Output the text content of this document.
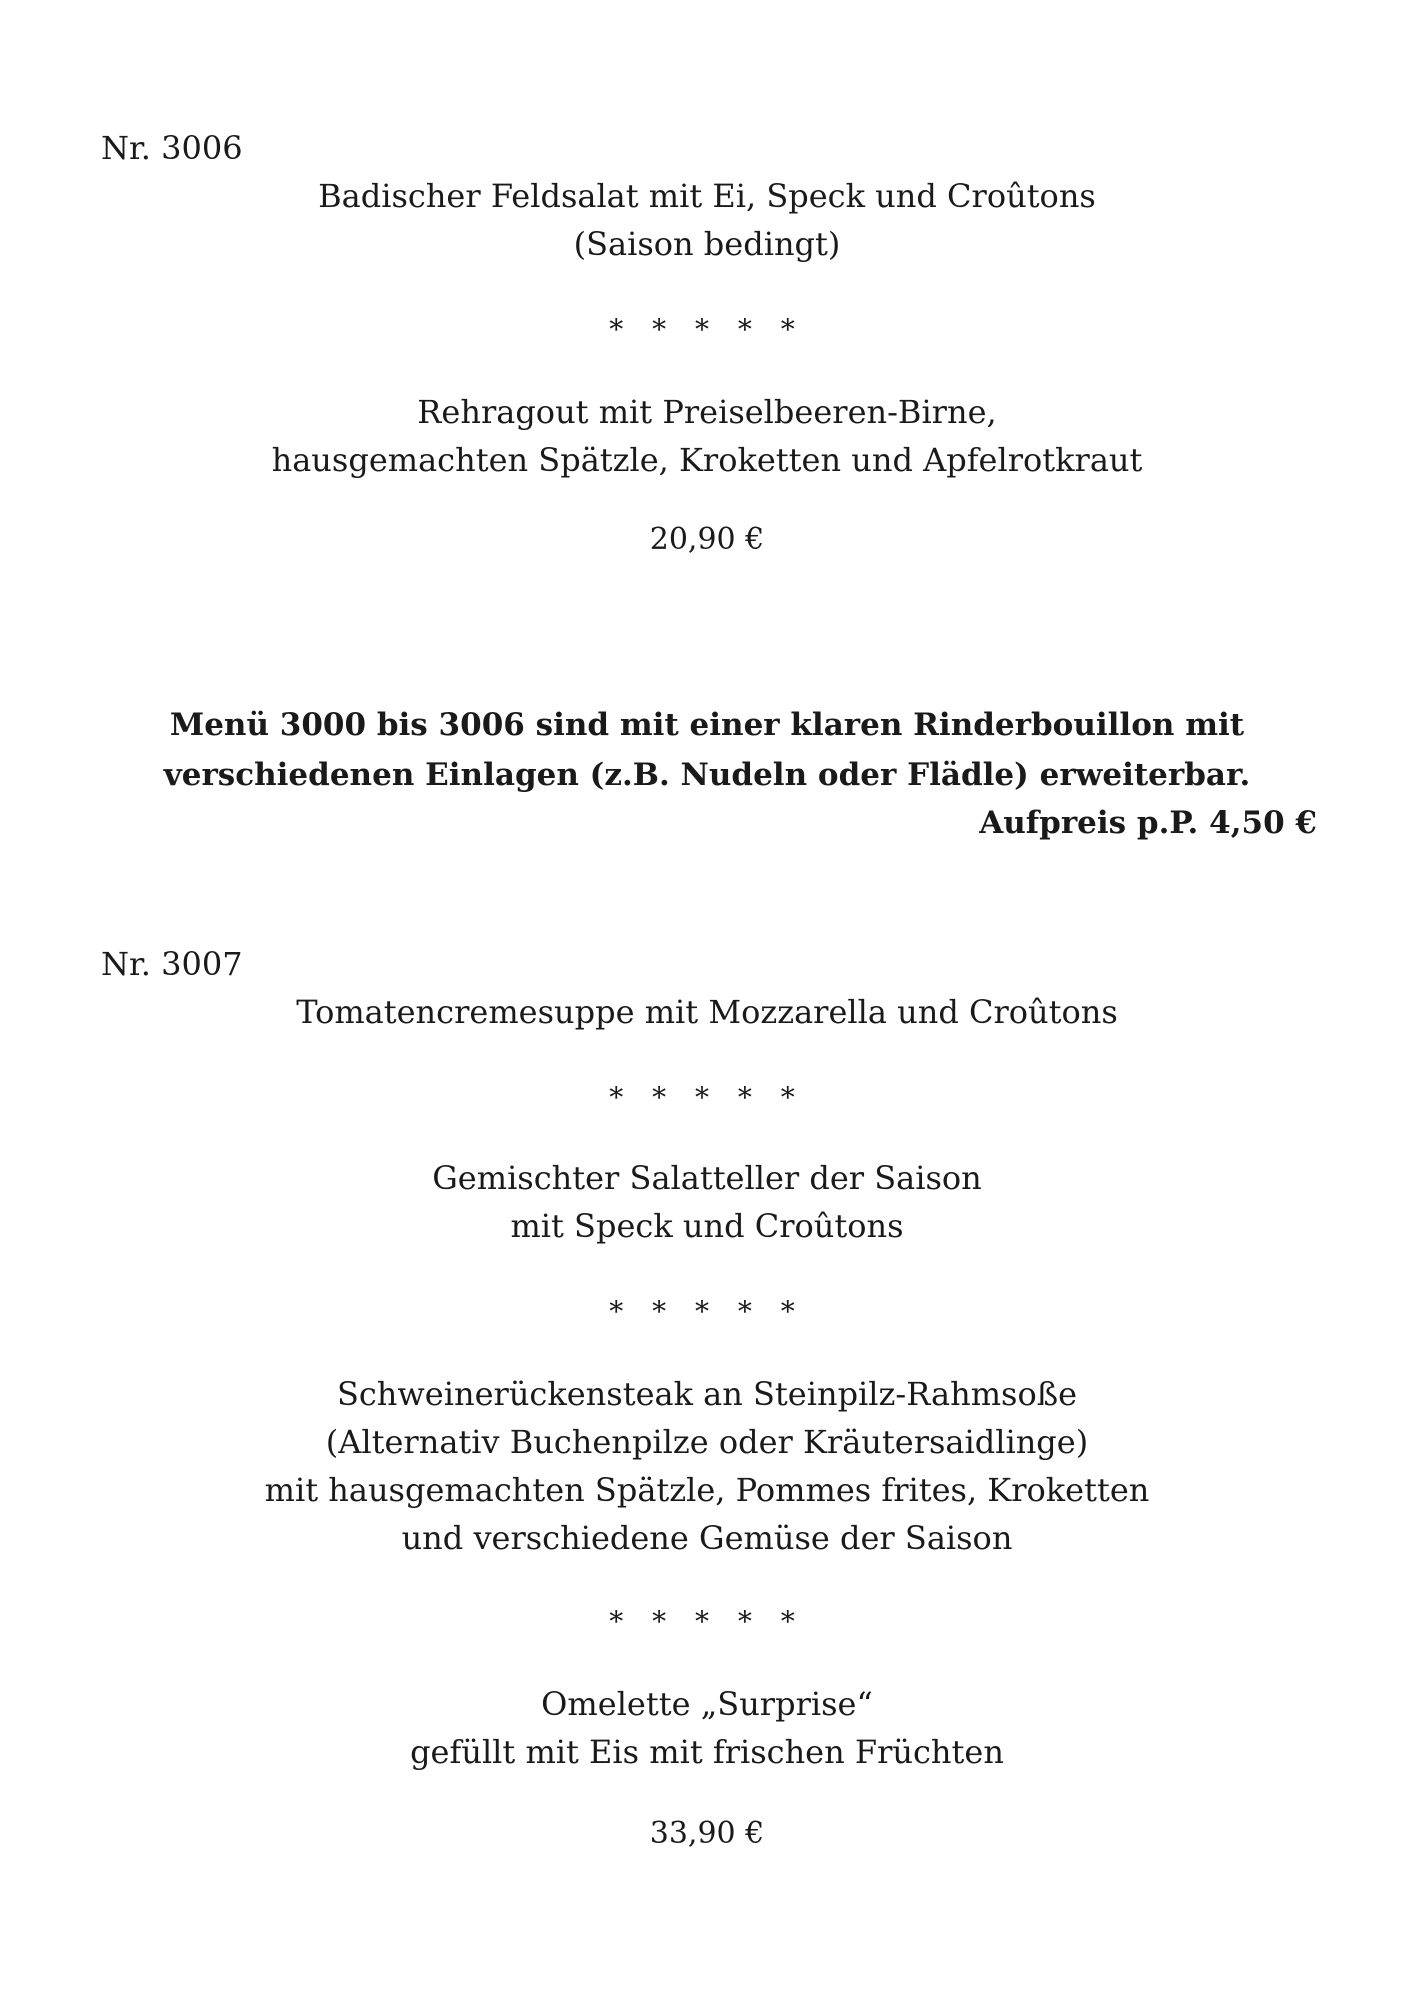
Nr. 3006
Badischer Feldsalat mit Ei, Speck und Croûtons
(Saison bedingt)
* * * * *
Rehragout mit Preiselbeeren-Birne,
hausgemachten Spätzle, Kroketten und Apfelrotkraut
20,90 €
Menü 3000 bis 3006 sind mit einer klaren Rinderbouillon mit
verschiedenen Einlagen (z.B. Nudeln oder Flädle) erweiterbar.
Aufpreis p.P. 4,50 €
Nr. 3007
Tomatencremesuppe mit Mozzarella und Croûtons
* * * * *
Gemischter Salatteller der Saison
mit Speck und Croûtons
* * * * *
Schweinerückensteak an Steinpilz-Rahmsoße
(Alternativ Buchenpilze oder Kräutersaidlinge)
mit hausgemachten Spätzle, Pommes frites, Kroketten
und verschiedene Gemüse der Saison
* * * * *
Omelette „Surprise“
gefüllt mit Eis mit frischen Früchten
33,90 €
